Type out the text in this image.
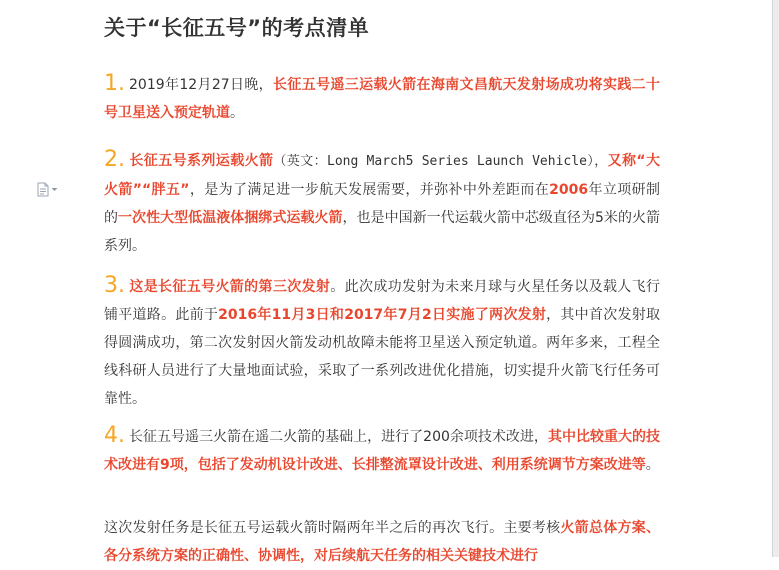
关于“长征五号”的考点清单

1. 2019年12月27日晚，长征五号遥三运载火箭在海南文昌航天发射场成功将实践二十号卫星送入预定轨道。

2. 长征五号系列运载火箭（英文：Long March5 Series Launch Vehicle），又称“大火箭”“胖五”，是为了满足进一步航天发展需要，并弥补中外差距而在2006年立项研制的一次性大型低温液体捆绑式运载火箭，也是中国新一代运载火箭中芯级直径为5米的火箭系列。

3. 这是长征五号火箭的第三次发射。此次成功发射为未来月球与火星任务以及载人飞行铺平道路。此前于2016年11月3日和2017年7月2日实施了两次发射，其中首次发射取得圆满成功，第二次发射因火箭发动机故障未能将卫星送入预定轨道。两年多来，工程全线科研人员进行了大量地面试验，采取了一系列改进优化措施，切实提升火箭飞行任务可靠性。

4. 长征五号遥三火箭在遥二火箭的基础上，进行了200余项技术改进，其中比较重大的技术改进有9项，包括了发动机设计改进、长排整流罩设计改进、利用系统调节方案改进等。

这次发射任务是长征五号运载火箭时隔两年半之后的再次飞行。主要考核火箭总体方案、各分系统方案的正确性、协调性，对后续航天任务的相关关键技术进行
